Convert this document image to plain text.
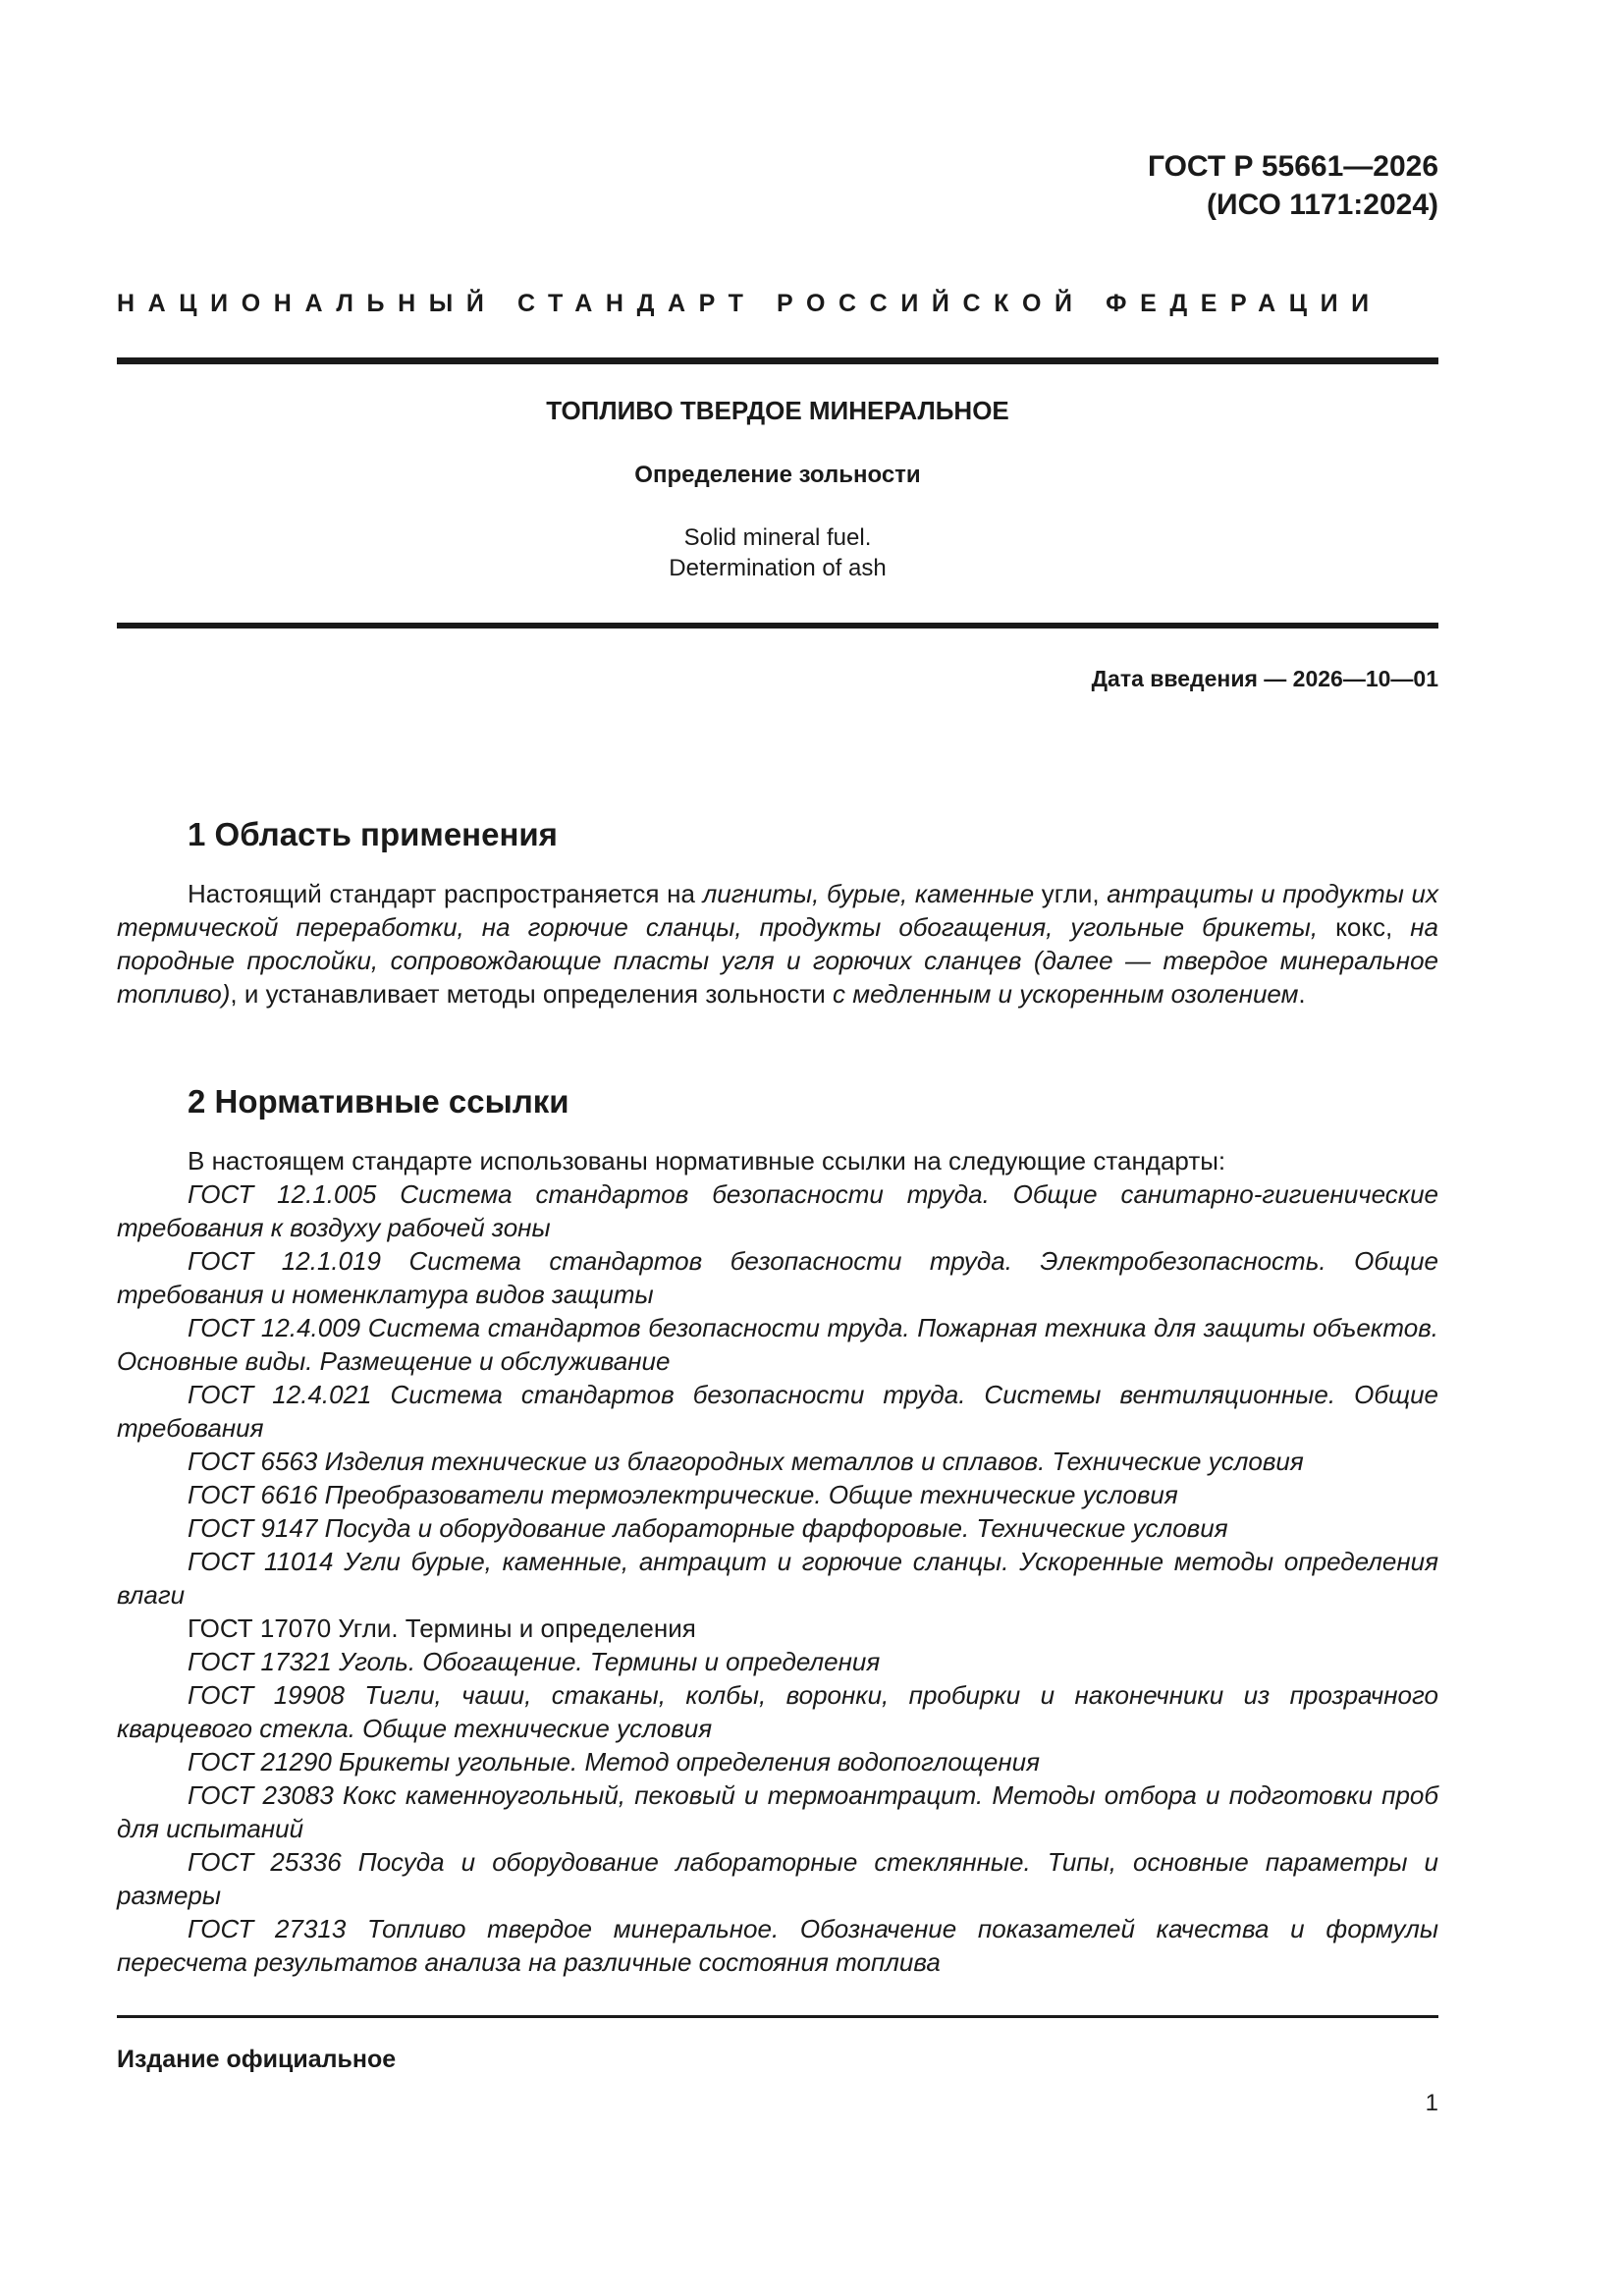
ГОСТ Р 55661—2026
(ИСО 1171:2024)
НАЦИОНАЛЬНЫЙ СТАНДАРТ РОССИЙСКОЙ ФЕДЕРАЦИИ
ТОПЛИВО ТВЕРДОЕ МИНЕРАЛЬНОЕ
Определение зольности
Solid mineral fuel.
Determination of ash
Дата введения — 2026—10—01
1 Область применения

Настоящий стандарт распространяется на лигниты, бурые, каменные угли, антрациты и продукты их термической переработки, на горючие сланцы, продукты обогащения, угольные брикеты, кокс, на породные прослойки, сопровождающие пласты угля и горючих сланцев (далее — твердое минеральное топливо), и устанавливает методы определения зольности с медленным и ускоренным озолением.

2 Нормативные ссылки

В настоящем стандарте использованы нормативные ссылки на следующие стандарты:

ГОСТ 12.1.005 Система стандартов безопасности труда. Общие санитарно-гигиенические требования к воздуху рабочей зоны

ГОСТ 12.1.019 Система стандартов безопасности труда. Электробезопасность. Общие требования и номенклатура видов защиты

ГОСТ 12.4.009 Система стандартов безопасности труда. Пожарная техника для защиты объектов. Основные виды. Размещение и обслуживание

ГОСТ 12.4.021 Система стандартов безопасности труда. Системы вентиляционные. Общие требования

ГОСТ 6563 Изделия технические из благородных металлов и сплавов. Технические условия

ГОСТ 6616 Преобразователи термоэлектрические. Общие технические условия

ГОСТ 9147 Посуда и оборудование лабораторные фарфоровые. Технические условия

ГОСТ 11014 Угли бурые, каменные, антрацит и горючие сланцы. Ускоренные методы определения влаги

ГОСТ 17070 Угли. Термины и определения

ГОСТ 17321 Уголь. Обогащение. Термины и определения

ГОСТ 19908 Тигли, чаши, стаканы, колбы, воронки, пробирки и наконечники из прозрачного кварцевого стекла. Общие технические условия

ГОСТ 21290 Брикеты угольные. Метод определения водопоглощения

ГОСТ 23083 Кокс каменноугольный, пековый и термоантрацит. Методы отбора и подготовки проб для испытаний

ГОСТ 25336 Посуда и оборудование лабораторные стеклянные. Типы, основные параметры и размеры

ГОСТ 27313 Топливо твердое минеральное. Обозначение показателей качества и формулы пересчета результатов анализа на различные состояния топлива

Издание официальное
1
